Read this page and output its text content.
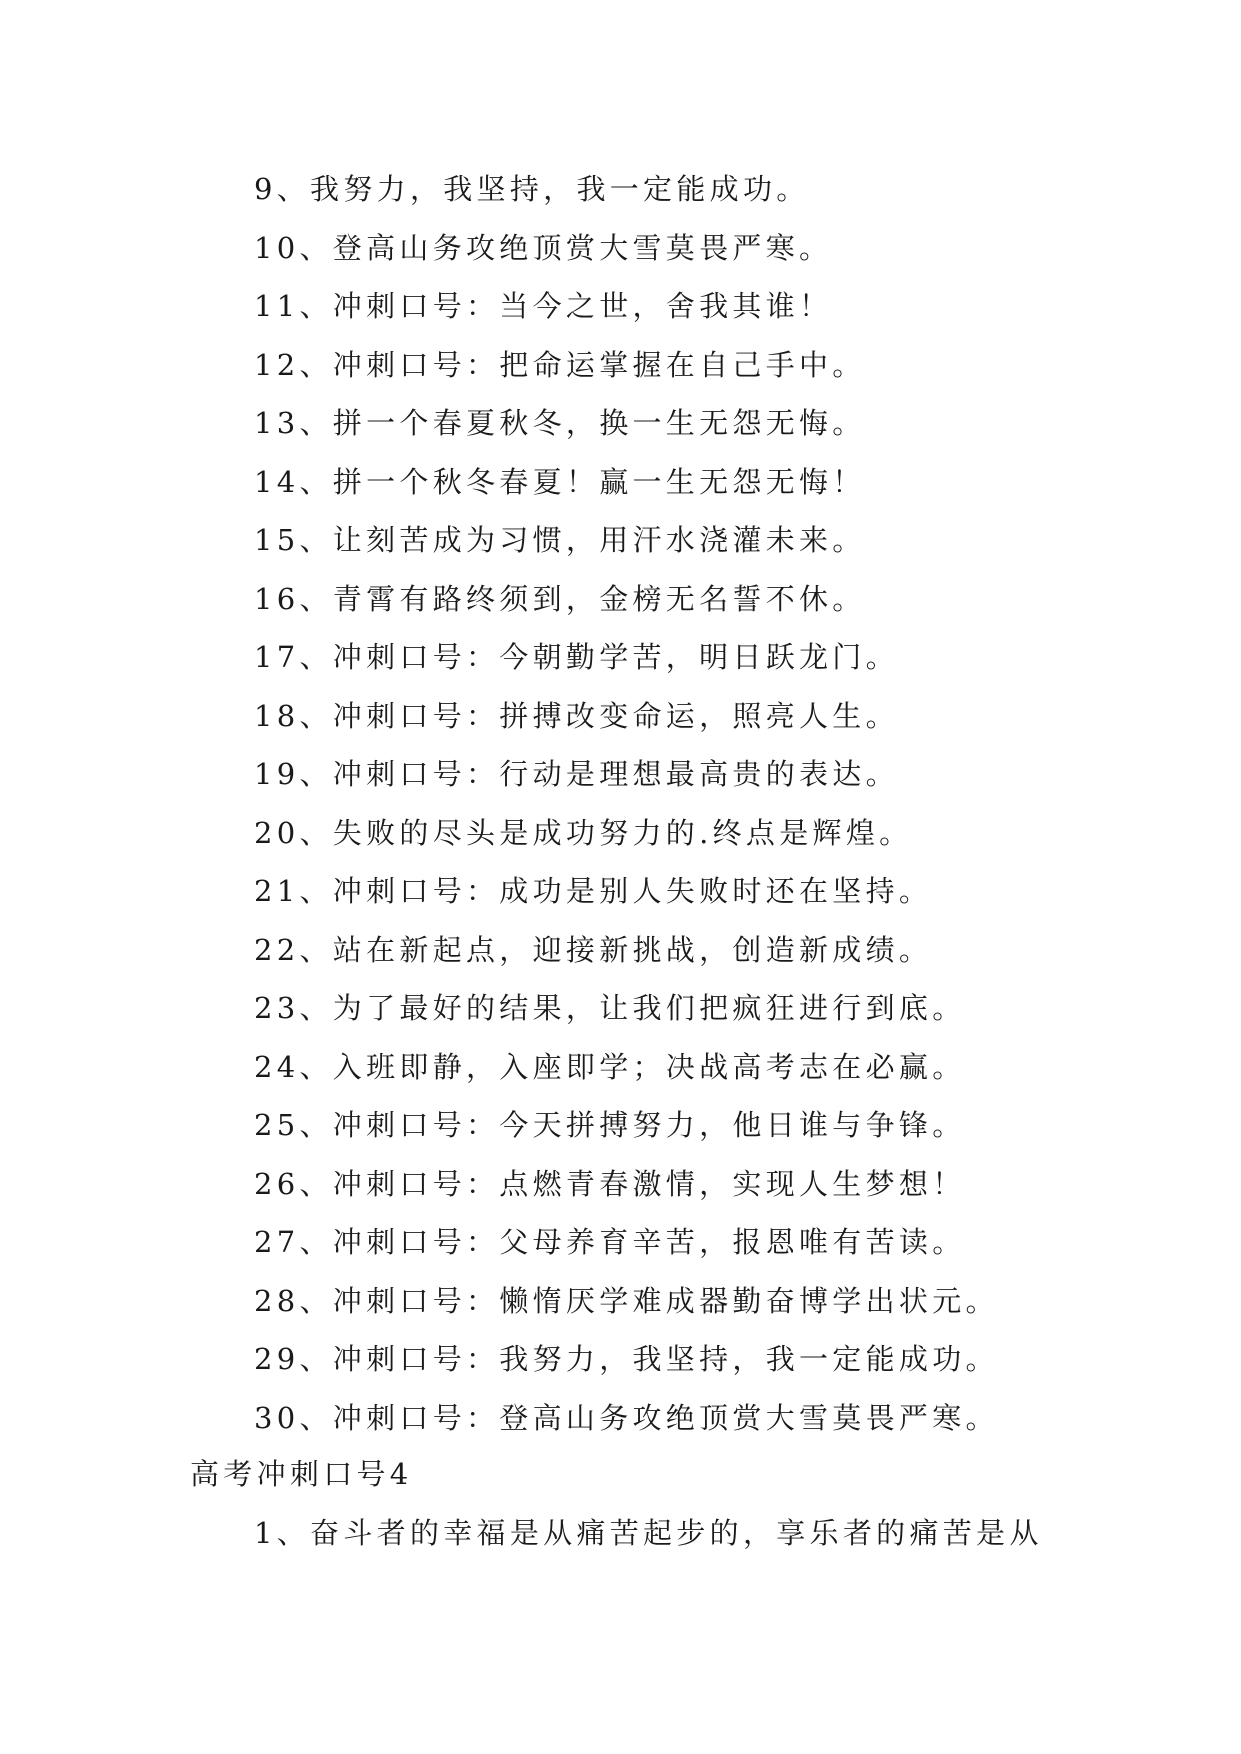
9、我努力，我坚持，我一定能成功。
10、登高山务攻绝顶赏大雪莫畏严寒。
11、冲刺口号：当今之世，舍我其谁！
12、冲刺口号：把命运掌握在自己手中。
13、拼一个春夏秋冬，换一生无怨无悔。
14、拼一个秋冬春夏！赢一生无怨无悔！
15、让刻苦成为习惯，用汗水浇灌未来。
16、青霄有路终须到，金榜无名誓不休。
17、冲刺口号：今朝勤学苦，明日跃龙门。
18、冲刺口号：拼搏改变命运，照亮人生。
19、冲刺口号：行动是理想最高贵的表达。
20、失败的尽头是成功努力的.终点是辉煌。
21、冲刺口号：成功是别人失败时还在坚持。
22、站在新起点，迎接新挑战，创造新成绩。
23、为了最好的结果，让我们把疯狂进行到底。
24、入班即静，入座即学；决战高考志在必赢。
25、冲刺口号：今天拼搏努力，他日谁与争锋。
26、冲刺口号：点燃青春激情，实现人生梦想！
27、冲刺口号：父母养育辛苦，报恩唯有苦读。
28、冲刺口号：懒惰厌学难成器勤奋博学出状元。
29、冲刺口号：我努力，我坚持，我一定能成功。
30、冲刺口号：登高山务攻绝顶赏大雪莫畏严寒。
高考冲刺口号4

1、奋斗者的幸福是从痛苦起步的，享乐者的痛苦是从
